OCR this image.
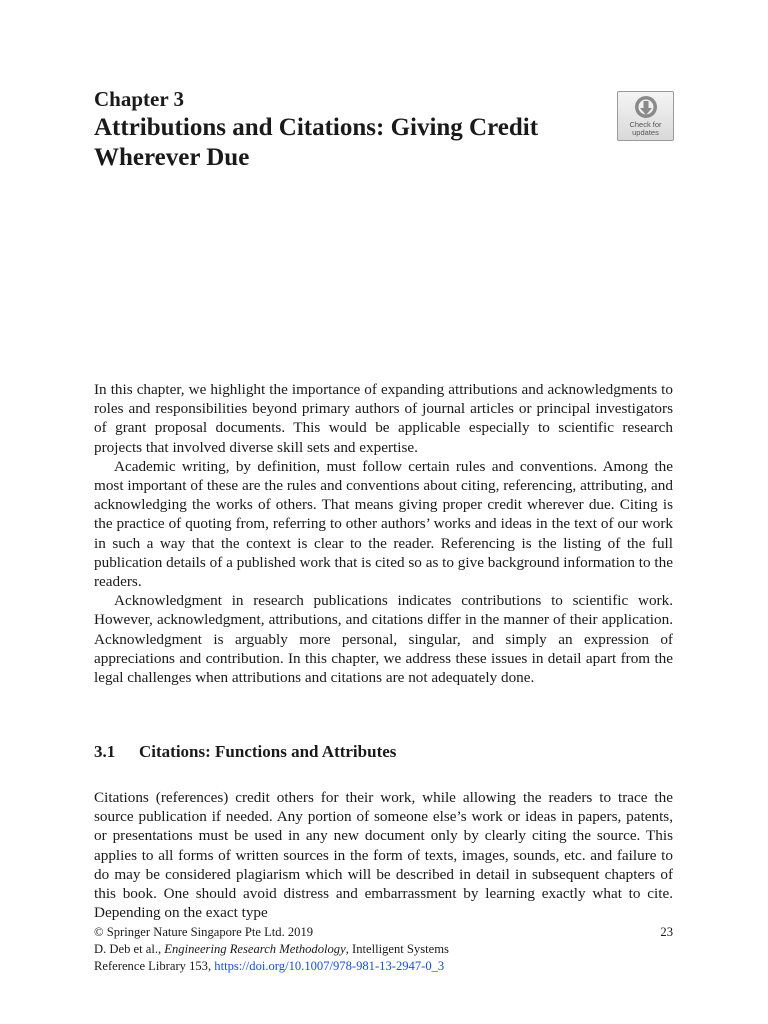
Chapter 3
Attributions and Citations: Giving Credit Wherever Due
Check for
updates

In this chapter, we highlight the importance of expanding attributions and acknowledgments to roles and responsibilities beyond primary authors of journal articles or principal investigators of grant proposal documents. This would be applicable especially to scientific research projects that involved diverse skill sets and expertise.

Academic writing, by definition, must follow certain rules and conventions. Among the most important of these are the rules and conventions about citing, referencing, attributing, and acknowledging the works of others. That means giving proper credit wherever due. Citing is the practice of quoting from, referring to other authors’ works and ideas in the text of our work in such a way that the context is clear to the reader. Referencing is the listing of the full publication details of a published work that is cited so as to give background information to the readers.

Acknowledgment in research publications indicates contributions to scientific work. However, acknowledgment, attributions, and citations differ in the manner of their application. Acknowledgment is arguably more personal, singular, and simply an expression of appreciations and contribution. In this chapter, we address these issues in detail apart from the legal challenges when attributions and citations are not adequately done.

3.1 Citations: Functions and Attributes

Citations (references) credit others for their work, while allowing the readers to trace the source publication if needed. Any portion of someone else’s work or ideas in papers, patents, or presentations must be used in any new document only by clearly citing the source. This applies to all forms of written sources in the form of texts, images, sounds, etc. and failure to do may be considered plagiarism which will be described in detail in subsequent chapters of this book. One should avoid distress and embarrassment by learning exactly what to cite. Depending on the exact type

© Springer Nature Singapore Pte Ltd. 2019	23
D. Deb et al., Engineering Research Methodology, Intelligent Systems
Reference Library 153, https://doi.org/10.1007/978-981-13-2947-0_3
